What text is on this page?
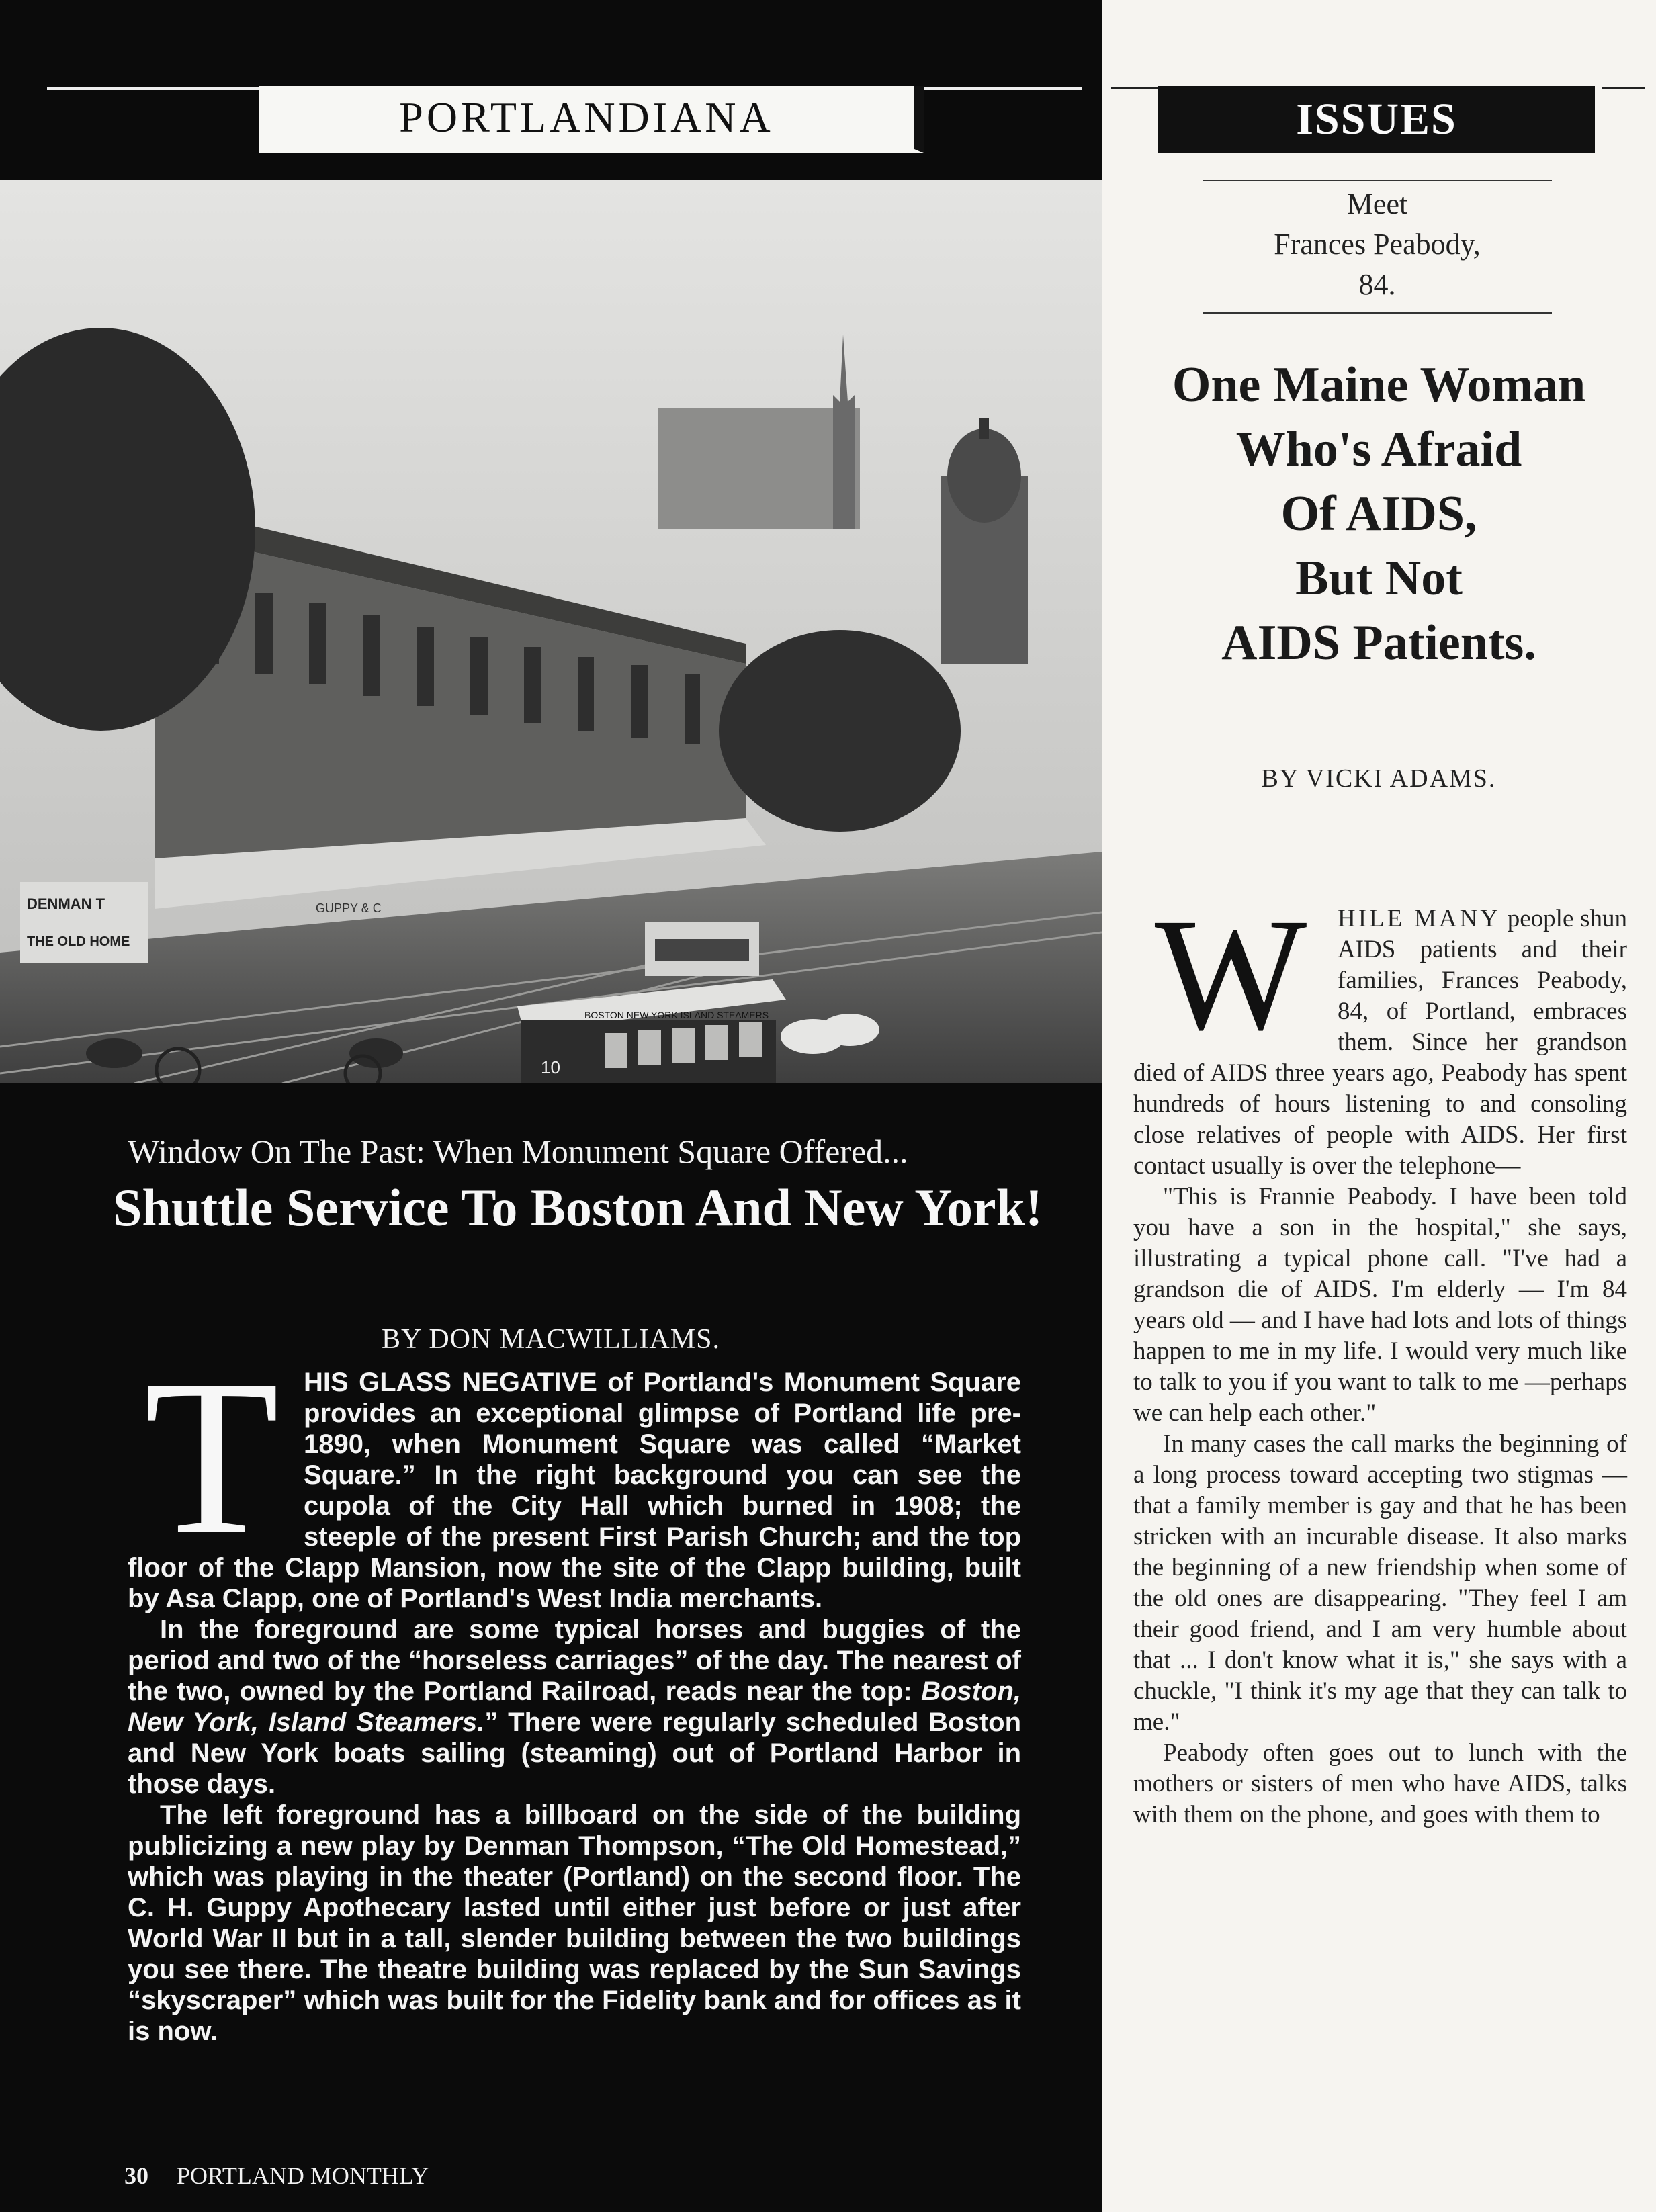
PORTLANDIANA
DENMAN T
THE OLD HOME
GUPPY & C
BOSTON NEW YORK ISLAND STEAMERS
10
Window On The Past: When Monument Square Offered...
Shuttle Service To Boston And New York!
BY DON MACWILLIAMS.
T HIS GLASS NEGATIVE of Portland's Monument Square provides an exceptional glimpse of Portland life pre-1890, when Monument Square was called “Market Square.” In the right background you can see the cupola of the City Hall which burned in 1908; the steeple of the present First Parish Church; and the top floor of the Clapp Mansion, now the site of the Clapp building, built by Asa Clapp, one of Portland's West India merchants.

In the foreground are some typical horses and buggies of the period and two of the “horseless carriages” of the day. The nearest of the two, owned by the Portland Railroad, reads near the top: Boston, New York, Island Steamers.” There were regularly scheduled Boston and New York boats sailing (steaming) out of Portland Harbor in those days.

The left foreground has a billboard on the side of the building publicizing a new play by Denman Thompson, “The Old Homestead,” which was playing in the theater (Portland) on the second floor. The C. H. Guppy Apothecary lasted until either just before or just after World War II but in a tall, slender building between the two buildings you see there. The theatre building was replaced by the Sun Savings “skyscraper” which was built for the Fidelity bank and for offices as it is now.

30 PORTLAND MONTHLY
ISSUES
Meet
Frances Peabody,
84.
One Maine Woman
Who's Afraid
Of AIDS,
But Not
AIDS Patients.
BY VICKI ADAMS.
W	HILE MANY people shun AIDS patients and their families, Frances Peabody, 84, of Portland, embraces them. Since her grandson died of AIDS three years ago, Peabody has spent hundreds of hours listening to and consoling close relatives of people with AIDS. Her first contact usually is over the telephone—

"This is Frannie Peabody. I have been told you have a son in the hospital," she says, illustrating a typical phone call. "I've had a grandson die of AIDS. I'm elderly — I'm 84 years old — and I have had lots and lots of things happen to me in my life. I would very much like to talk to you if you want to talk to me —perhaps we can help each other."

In many cases the call marks the beginning of a long process toward accepting two stigmas — that a family member is gay and that he has been stricken with an incurable disease. It also marks the beginning of a new friendship when some of the old ones are disappearing. "They feel I am their good friend, and I am very humble about that ... I don't know what it is," she says with a chuckle, "I think it's my age that they can talk to me."

Peabody often goes out to lunch with the mothers or sisters of men who have AIDS, talks with them on the phone, and goes with them to
